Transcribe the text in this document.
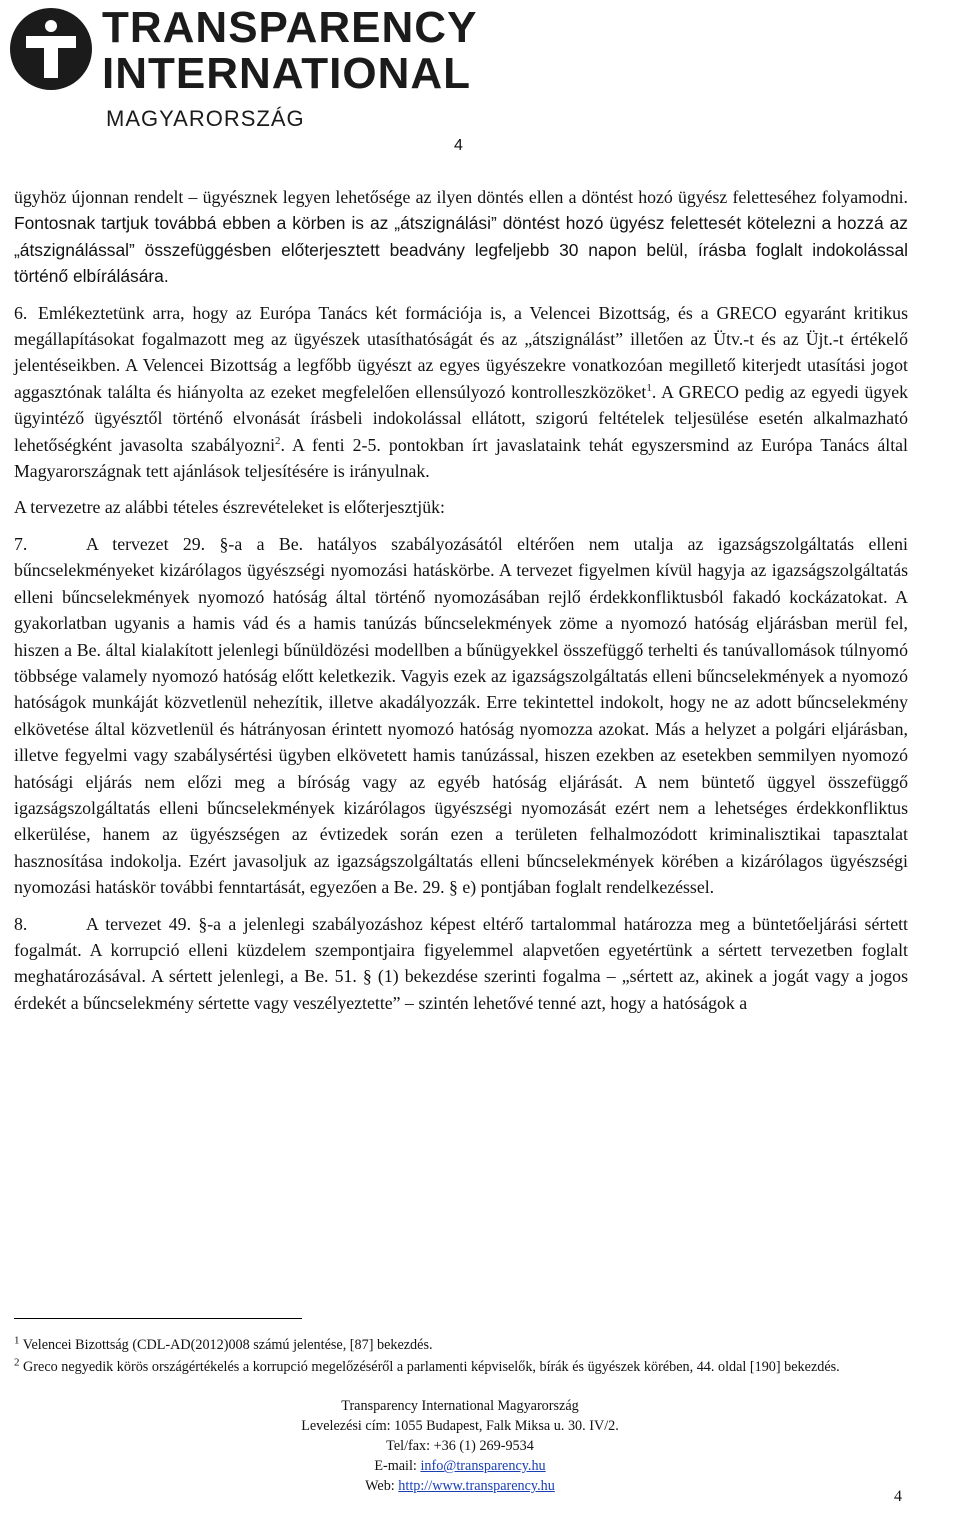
TRANSPARENCY
INTERNATIONAL
MAGYARORSZÁG
4

ügyhöz újonnan rendelt – ügyésznek legyen lehetősége az ilyen döntés ellen a döntést hozó ügyész feletteséhez folyamodni. Fontosnak tartjuk továbbá ebben a körben is az „átszignálási” döntést hozó ügyész felettesét kötelezni a hozzá az „átszignálással” összefüggésben előterjesztett beadvány legfeljebb 30 napon belül, írásba foglalt indokolással történő elbírálására.

6. Emlékeztetünk arra, hogy az Európa Tanács két formációja is, a Velencei Bizottság, és a GRECO egyaránt kritikus megállapításokat fogalmazott meg az ügyészek utasíthatóságát és az „átszignálást” illetően az Ütv.-t és az Üjt.-t értékelő jelentéseikben. A Velencei Bizottság a legfőbb ügyészt az egyes ügyészekre vonatkozóan megillető kiterjedt utasítási jogot aggasztónak találta és hiányolta az ezeket megfelelően ellensúlyozó kontrolleszközöket$^1$. A GRECO pedig az egyedi ügyek ügyintéző ügyésztől történő elvonását írásbeli indokolással ellátott, szigorú feltételek teljesülése esetén alkalmazható lehetőségként javasolta szabályozni$^2$. A fenti 2-5. pontokban írt javaslataink tehát egyszersmind az Európa Tanács által Magyarországnak tett ajánlások teljesítésére is irányulnak.

A tervezetre az alábbi tételes észrevételeket is előterjesztjük:

7.	A tervezet 29. §-a a Be. hatályos szabályozásától eltérően nem utalja az igazságszolgáltatás elleni bűncselekményeket kizárólagos ügyészségi nyomozási hatáskörbe. A tervezet figyelmen kívül hagyja az igazságszolgáltatás elleni bűncselekmények nyomozó hatóság által történő nyomozásában rejlő érdekkonfliktusból fakadó kockázatokat. A gyakorlatban ugyanis a hamis vád és a hamis tanúzás bűncselekmények zöme a nyomozó hatóság eljárásban merül fel, hiszen a Be. által kialakított jelenlegi bűnüldözési modellben a bűnügyekkel összefüggő terhelti és tanúvallomások túlnyomó többsége valamely nyomozó hatóság előtt keletkezik. Vagyis ezek az igazságszolgáltatás elleni bűncselekmények a nyomozó hatóságok munkáját közvetlenül nehezítik, illetve akadályozzák. Erre tekintettel indokolt, hogy ne az adott bűncselekmény elkövetése által közvetlenül és hátrányosan érintett nyomozó hatóság nyomozza azokat. Más a helyzet a polgári eljárásban, illetve fegyelmi vagy szabálysértési ügyben elkövetett hamis tanúzással, hiszen ezekben az esetekben semmilyen nyomozó hatósági eljárás nem előzi meg a bíróság vagy az egyéb hatóság eljárását. A nem büntető üggyel összefüggő igazságszolgáltatás elleni bűncselekmények kizárólagos ügyészségi nyomozását ezért nem a lehetséges érdekkonfliktus elkerülése, hanem az ügyészségen az évtizedek során ezen a területen felhalmozódott kriminalisztikai tapasztalat hasznosítása indokolja. Ezért javasoljuk az igazságszolgáltatás elleni bűncselekmények körében a kizárólagos ügyészségi nyomozási hatáskör további fenntartását, egyezően a Be. 29. § e) pontjában foglalt rendelkezéssel.

8.	A tervezet 49. §-a a jelenlegi szabályozáshoz képest eltérő tartalommal határozza meg a büntetőeljárási sértett fogalmát. A korrupció elleni küzdelem szempontjaira figyelemmel alapvetően egyetértünk a sértett tervezetben foglalt meghatározásával. A sértett jelenlegi, a Be. 51. § (1) bekezdése szerinti fogalma – „sértett az, akinek a jogát vagy a jogos érdekét a bűncselekmény sértette vagy veszélyeztette” – szintén lehetővé tenné azt, hogy a hatóságok a

$^1$ Velencei Bizottság (CDL-AD(2012)008 számú jelentése, [87] bekezdés.
$^2$ Greco negyedik körös országértékelés a korrupció megelőzéséről a parlamenti képviselők, bírák és ügyészek körében, 44. oldal [190] bekezdés.
Transparency International Magyarország
Levelezési cím: 1055 Budapest, Falk Miksa u. 30. IV/2.
Tel/fax: +36 (1) 269-9534
E-mail: info@transparency.hu
Web: http://www.transparency.hu
4
